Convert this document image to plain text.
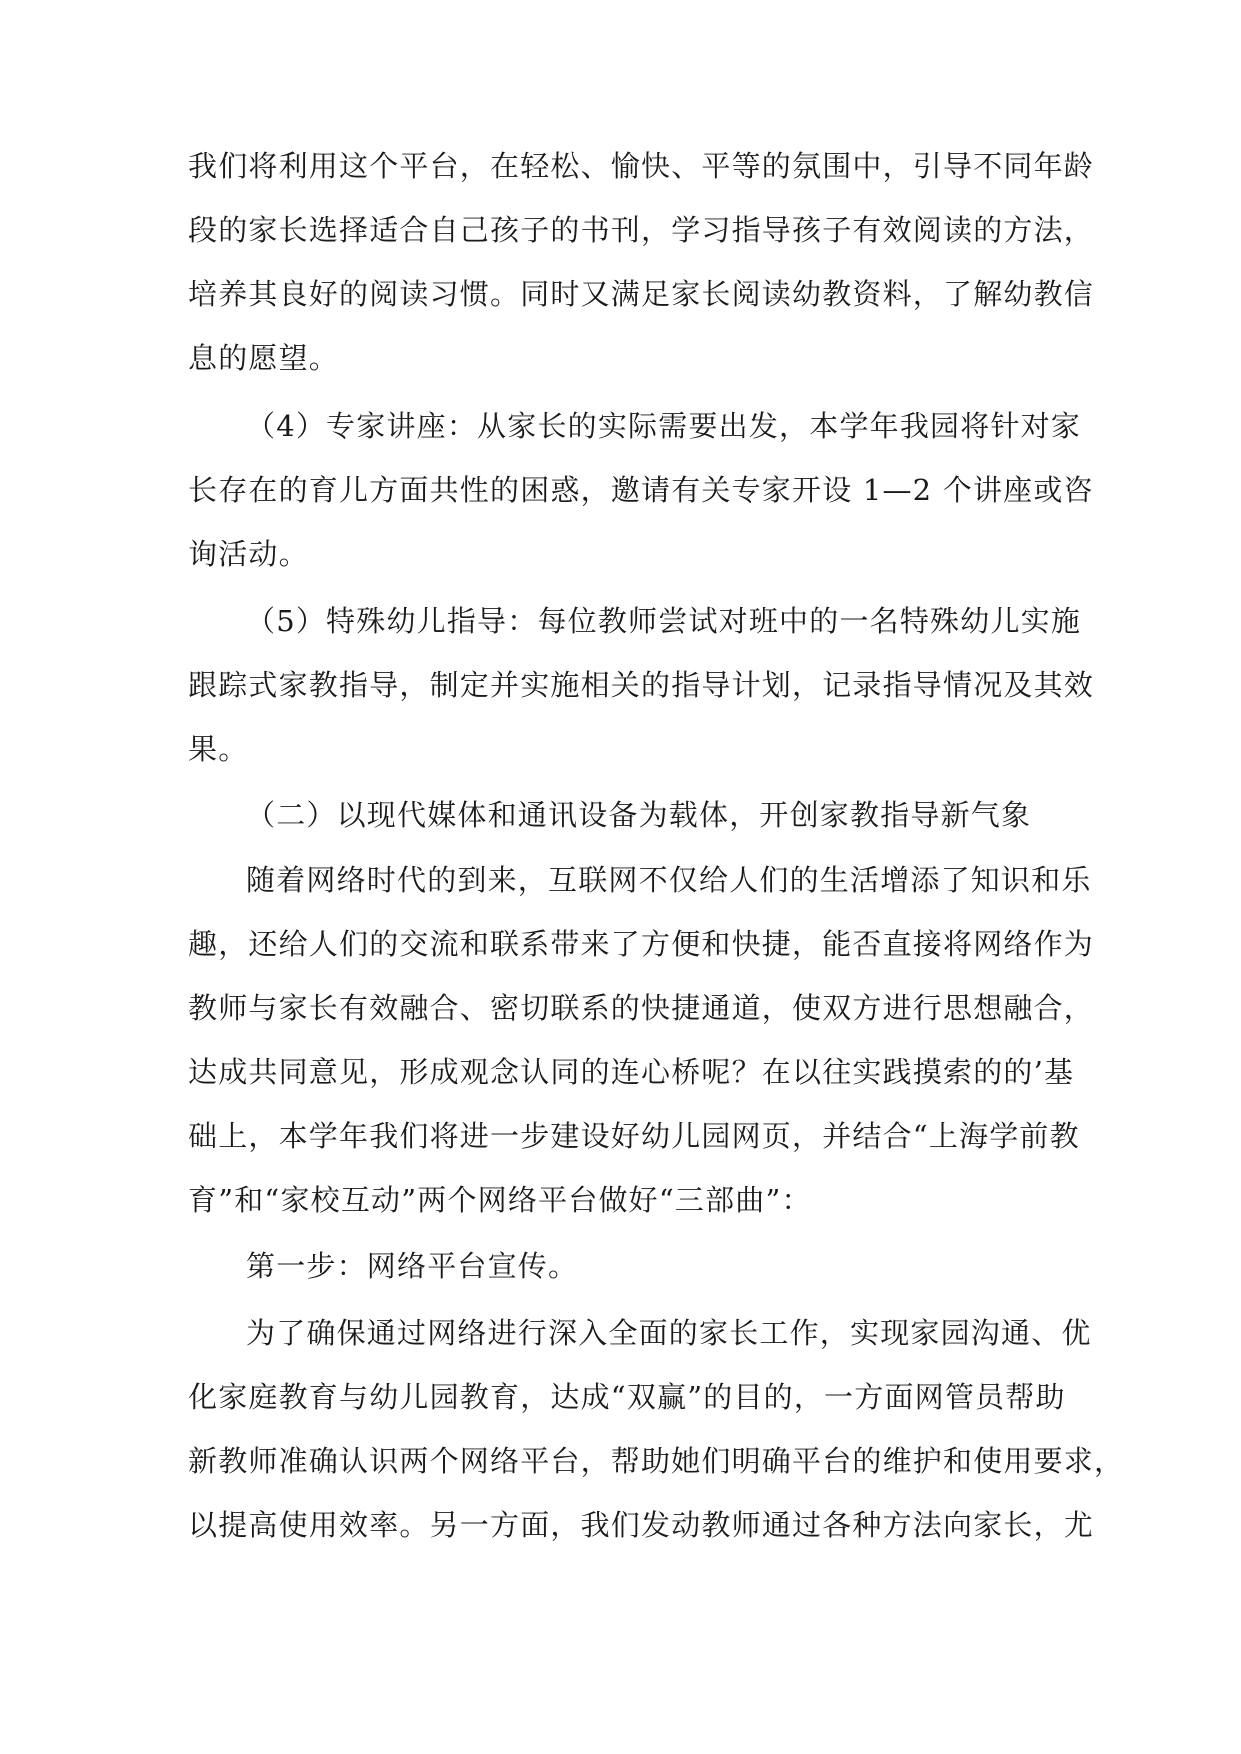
我们将利用这个平台，在轻松、愉快、平等的氛围中，引导不同年龄

段的家长选择适合自己孩子的书刊，学习指导孩子有效阅读的方法，

培养其良好的阅读习惯。同时又满足家长阅读幼教资料，了解幼教信

息的愿望。

（4）专家讲座：从家长的实际需要出发，本学年我园将针对家

长存在的育儿方面共性的困惑，邀请有关专家开设 1—2 个讲座或咨

询活动。

（5）特殊幼儿指导：每位教师尝试对班中的一名特殊幼儿实施

跟踪式家教指导，制定并实施相关的指导计划，记录指导情况及其效

果。

（二）以现代媒体和通讯设备为载体，开创家教指导新气象

随着网络时代的到来，互联网不仅给人们的生活增添了知识和乐

趣，还给人们的交流和联系带来了方便和快捷，能否直接将网络作为

教师与家长有效融合、密切联系的快捷通道，使双方进行思想融合，

达成共同意见，形成观念认同的连心桥呢？在以往实践摸索的的’基

础上，本学年我们将进一步建设好幼儿园网页，并结合“上海学前教

育”和“家校互动”两个网络平台做好“三部曲”：

第一步：网络平台宣传。

为了确保通过网络进行深入全面的家长工作，实现家园沟通、优

化家庭教育与幼儿园教育，达成“双赢”的目的，一方面网管员帮助

新教师准确认识两个网络平台，帮助她们明确平台的维护和使用要求，

以提高使用效率。另一方面，我们发动教师通过各种方法向家长，尤
